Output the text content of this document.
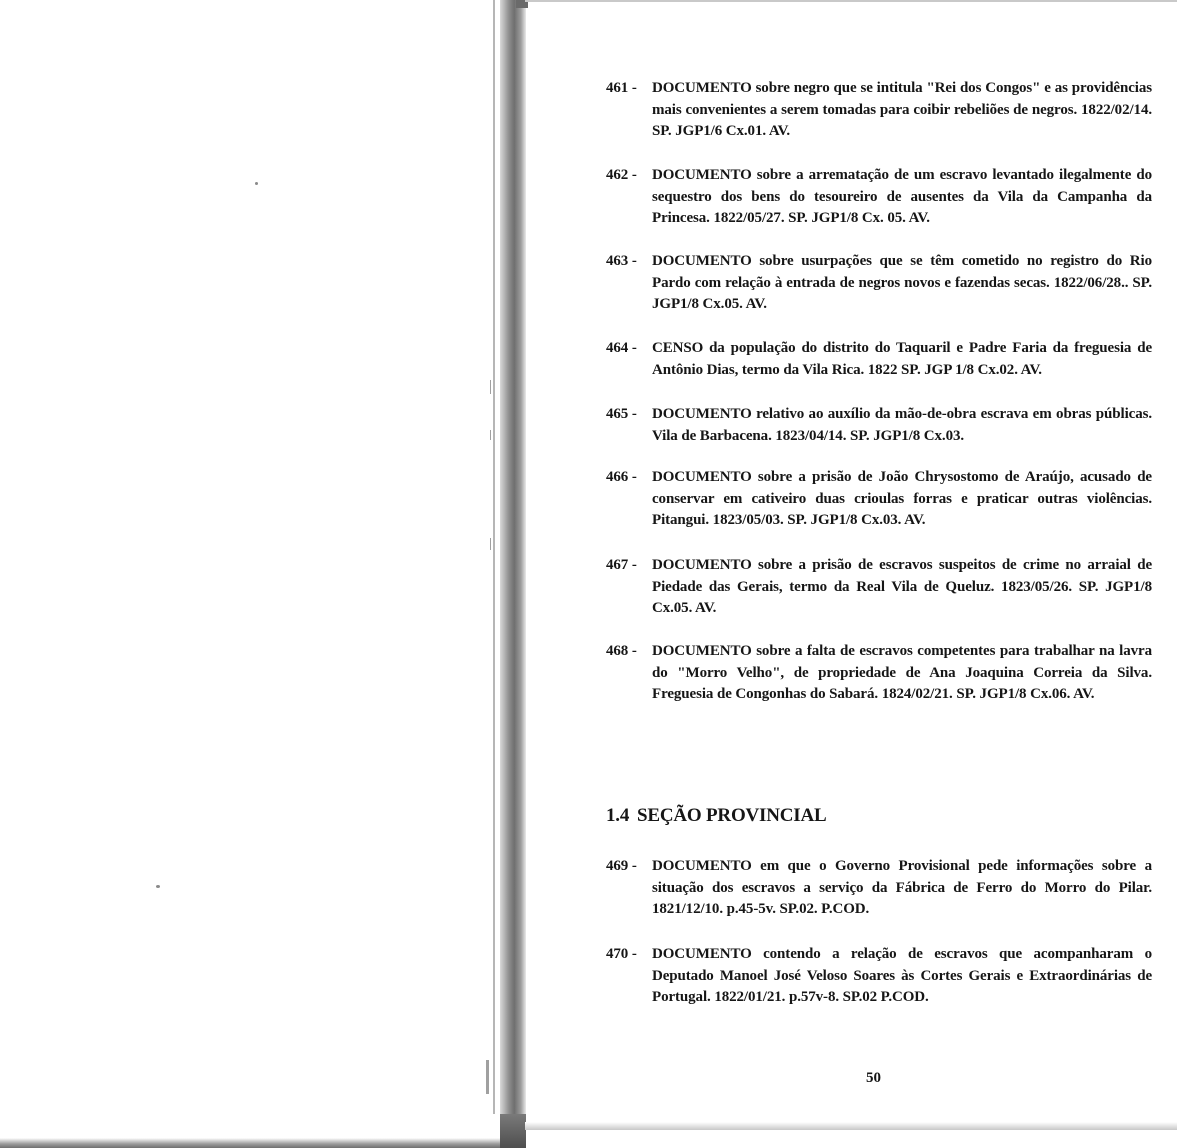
461 -	DOCUMENTO sobre negro que se intitula "Rei dos Congos" e as providências mais convenientes a serem tomadas para coibir rebeliões de negros. 1822/02/14. SP. JGP1/6 Cx.01. AV.
462 -	DOCUMENTO sobre a arrematação de um escravo levantado ilegalmente do sequestro dos bens do tesoureiro de ausentes da Vila da Campanha da Princesa. 1822/05/27. SP. JGP1/8 Cx. 05. AV.
463 -	DOCUMENTO sobre usurpações que se têm cometido no registro do Rio Pardo com relação à entrada de negros novos e fazendas secas. 1822/06/28.. SP. JGP1/8 Cx.05. AV.
464 -	CENSO da população do distrito do Taquaril e Padre Faria da freguesia de Antônio Dias, termo da Vila Rica. 1822 SP. JGP 1/8 Cx.02. AV.
465 -	DOCUMENTO relativo ao auxílio da mão-de-obra escrava em obras públicas. Vila de Barbacena. 1823/04/14. SP. JGP1/8 Cx.03.
466 -	DOCUMENTO sobre a prisão de João Chrysostomo de Araújo, acusado de conservar em cativeiro duas crioulas forras e praticar outras violências. Pitangui. 1823/05/03. SP. JGP1/8 Cx.03. AV.
467 -	DOCUMENTO sobre a prisão de escravos suspeitos de crime no arraial de Piedade das Gerais, termo da Real Vila de Queluz. 1823/05/26. SP. JGP1/8 Cx.05. AV.
468 -	DOCUMENTO sobre a falta de escravos competentes para trabalhar na lavra do "Morro Velho", de propriedade de Ana Joaquina Correia da Silva. Freguesia de Congonhas do Sabará. 1824/02/21. SP. JGP1/8 Cx.06. AV.
1.4 SEÇÃO PROVINCIAL
469 -	DOCUMENTO em que o Governo Provisional pede informações sobre a situação dos escravos a serviço da Fábrica de Ferro do Morro do Pilar. 1821/12/10. p.45-5v. SP.02. P.COD.
470 -	DOCUMENTO contendo a relação de escravos que acompanharam o Deputado Manoel José Veloso Soares às Cortes Gerais e Extraordinárias de Portugal. 1822/01/21. p.57v-8. SP.02 P.COD.
50
